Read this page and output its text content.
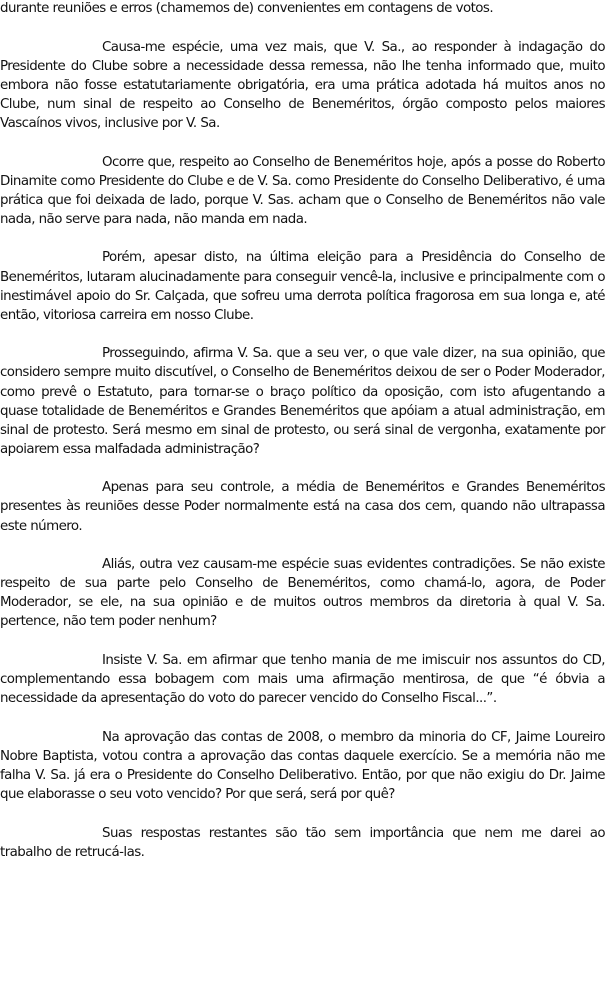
durante reuniões e erros (chamemos de) convenientes em contagens de votos.

Causa-me espécie, uma vez mais, que V. Sa., ao responder à indagação do Presidente do Clube sobre a necessidade dessa remessa, não lhe tenha informado que, muito embora não fosse estatutariamente obrigatória, era uma prática adotada há muitos anos no Clube, num sinal de respeito ao Conselho de Beneméritos, órgão composto pelos maiores Vascaínos vivos, inclusive por V. Sa.

Ocorre que, respeito ao Conselho de Beneméritos hoje, após a posse do Roberto Dinamite como Presidente do Clube e de V. Sa. como Presidente do Conselho Deliberativo, é uma prática que foi deixada de lado, porque V. Sas. acham que o Conselho de Beneméritos não vale nada, não serve para nada, não manda em nada.

Porém, apesar disto, na última eleição para a Presidência do Conselho de Beneméritos, lutaram alucinadamente para conseguir vencê-la, inclusive e principalmente com o inestimável apoio do Sr. Calçada, que sofreu uma derrota política fragorosa em sua longa e, até então, vitoriosa carreira em nosso Clube.

Prosseguindo, afirma V. Sa. que a seu ver, o que vale dizer, na sua opinião, que considero sempre muito discutível, o Conselho de Beneméritos deixou de ser o Poder Moderador, como prevê o Estatuto, para tornar-se o braço político da oposição, com isto afugentando a quase totalidade de Beneméritos e Grandes Beneméritos que apóiam a atual administração, em sinal de protesto. Será mesmo em sinal de protesto, ou será sinal de vergonha, exatamente por apoiarem essa malfadada administração?

Apenas para seu controle, a média de Beneméritos e Grandes Beneméritos presentes às reuniões desse Poder normalmente está na casa dos cem, quando não ultrapassa este número.

Aliás, outra vez causam-me espécie suas evidentes contradições. Se não existe respeito de sua parte pelo Conselho de Beneméritos, como chamá-lo, agora, de Poder Moderador, se ele, na sua opinião e de muitos outros membros da diretoria à qual V. Sa. pertence, não tem poder nenhum?

Insiste V. Sa. em afirmar que tenho mania de me imiscuir nos assuntos do CD, complementando essa bobagem com mais uma afirmação mentirosa, de que “é óbvia a necessidade da apresentação do voto do parecer vencido do Conselho Fiscal...”.

Na aprovação das contas de 2008, o membro da minoria do CF, Jaime Loureiro Nobre Baptista, votou contra a aprovação das contas daquele exercício. Se a memória não me falha V. Sa. já era o Presidente do Conselho Deliberativo. Então, por que não exigiu do Dr. Jaime que elaborasse o seu voto vencido? Por que será, será por quê?

Suas respostas restantes são tão sem importância que nem me darei ao trabalho de retrucá-las.
